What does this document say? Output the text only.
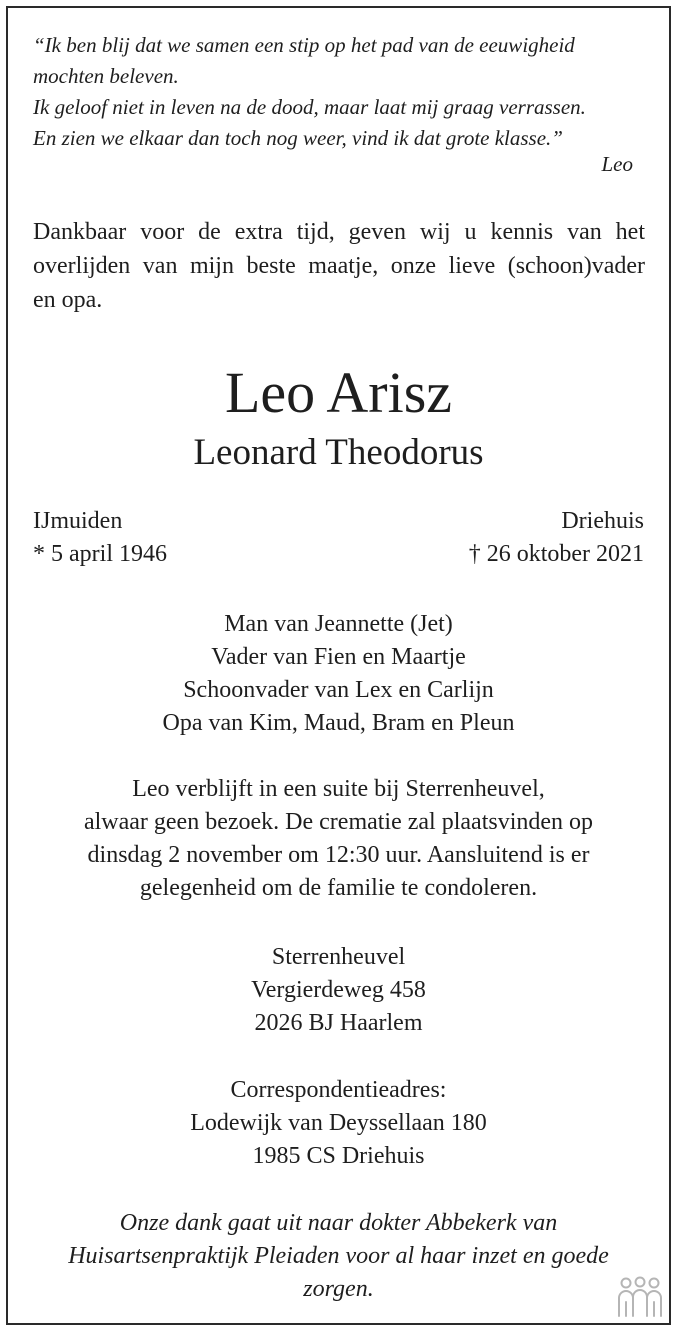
“Ik ben blij dat we samen een stip op het pad van de eeuwigheid
mochten beleven.
Ik geloof niet in leven na de dood, maar laat mij graag verrassen.
En zien we elkaar dan toch nog weer, vind ik dat grote klasse.”
Leo
Dankbaar voor de extra tijd, geven wij u kennis van het
overlijden van mijn beste maatje, onze lieve (schoon)vader
en opa.
Leo Arisz
Leonard Theodorus
IJmuiden
* 5 april 1946
Driehuis
† 26 oktober 2021
Man van Jeannette (Jet)
Vader van Fien en Maartje
Schoonvader van Lex en Carlijn
Opa van Kim, Maud, Bram en Pleun
Leo verblijft in een suite bij Sterrenheuvel,
alwaar geen bezoek. De crematie zal plaatsvinden op
dinsdag 2 november om 12:30 uur. Aansluitend is er
gelegenheid om de familie te condoleren.
Sterrenheuvel
Vergierdeweg 458
2026 BJ Haarlem
Correspondentieadres:
Lodewijk van Deyssellaan 180
1985 CS Driehuis
Onze dank gaat uit naar dokter Abbekerk van
Huisartsenpraktijk Pleiaden voor al haar inzet en goede
zorgen.
